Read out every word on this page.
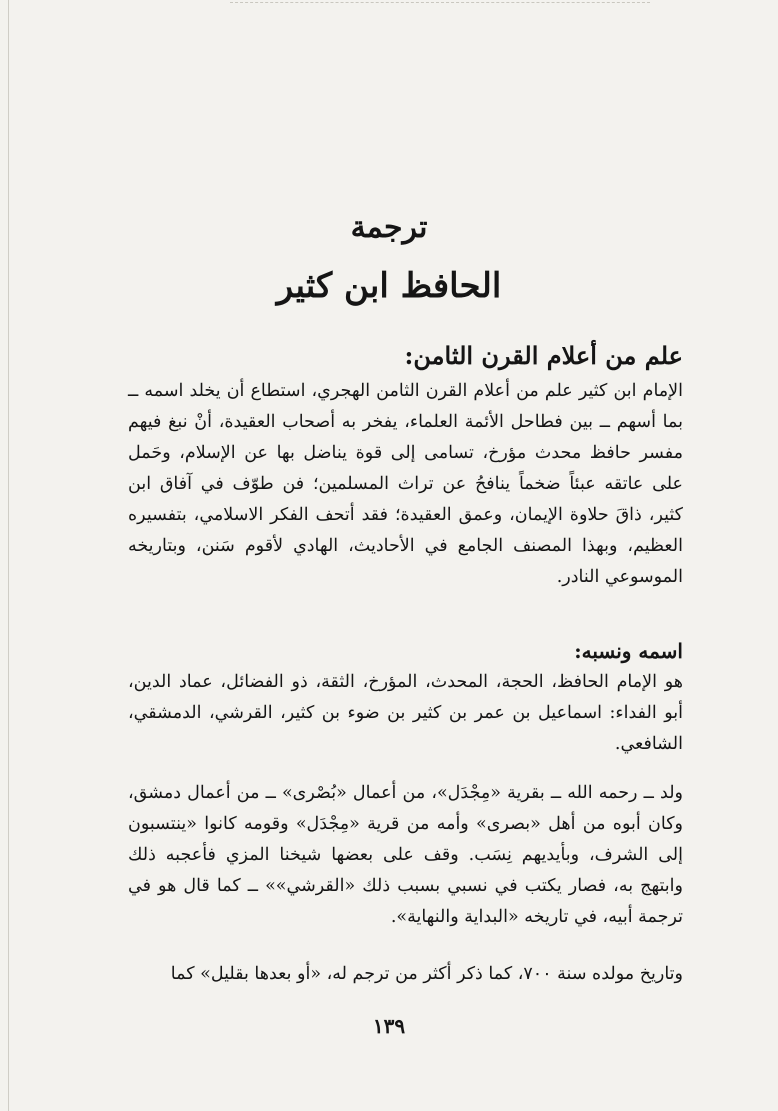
ترجمة
الحافظ ابن كثير
علم من أعلام القرن الثامن:
الإمام ابن كثير علم من أعلام القرن الثامن الهجري، استطاع أن يخلد اسمه ــ بما أسهم ــ بين فطاحل الأئمة العلماء، يفخر به أصحاب العقيدة، أنْ نبغ فيهم مفسر حافظ محدث مؤرخ، تسامى إلى قوة يناضل بها عن الإسلام، وحَمل على عاتقه عبئاً ضخماً ينافحُ عن تراث المسلمين؛ فن طوّف في آفاق ابن كثير، ذاقَ حلاوة الإيمان، وعمق العقيدة؛ فقد أتحف الفكر الاسلامي، بتفسيره العظيم، وبهذا المصنف الجامع في الأحاديث، الهادي لأقوم سَنن، وبتاريخه الموسوعي النادر.
اسمه ونسبه:
هو الإمام الحافظ، الحجة، المحدث، المؤرخ، الثقة، ذو الفضائل، عماد الدين، أبو الفداء: اسماعيل بن عمر بن كثير بن ضوء بن كثير، القرشي، الدمشقي، الشافعي.
ولد ــ رحمه الله ــ بقرية «مِجْدَل»، من أعمال «بُصْرى» ــ من أعمال دمشق، وكان أبوه من أهل «بصرى» وأمه من قرية «مِجْدَل» وقومه كانوا «ينتسبون إلى الشرف، وبأيديهم نِسَب. وقف على بعضها شيخنا المزي فأعجبه ذلك وابتهج به، فصار يكتب في نسبي بسبب ذلك «القرشي»» ــ كما قال هو في ترجمة أبيه، في تاريخه «البداية والنهاية».
وتاريخ مولده سنة ٧٠٠، كما ذكر أكثر من ترجم له، «أو بعدها بقليل» كما
١٣٩
